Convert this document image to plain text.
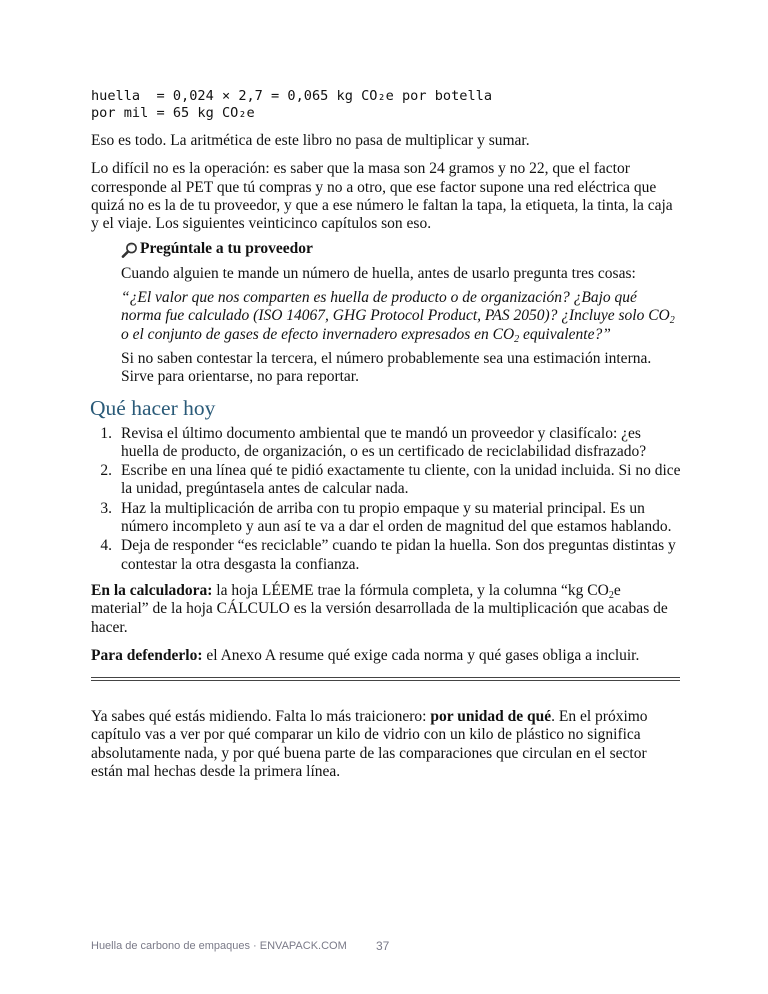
huella  = 0,024 × 2,7 = 0,065 kg CO₂e por botella
por mil = 65 kg CO₂e

Eso es todo. La aritmética de este libro no pasa de multiplicar y sumar.

Lo difícil no es la operación: es saber que la masa son 24 gramos y no 22, que el factor corresponde al PET que tú compras y no a otro, que ese factor supone una red eléctrica que quizá no es la de tu proveedor, y que a ese número le faltan la tapa, la etiqueta, la tinta, la caja y el viaje. Los siguientes veinticinco capítulos son eso.

Pregúntale a tu proveedor

Cuando alguien te mande un número de huella, antes de usarlo pregunta tres cosas:

“¿El valor que nos comparten es huella de producto o de organización? ¿Bajo qué norma fue calculado (ISO 14067, GHG Protocol Product, PAS 2050)? ¿Incluye solo $CO_2$ o el conjunto de gases de efecto invernadero expresados en $CO_2$ equivalente?”

Si no saben contestar la tercera, el número probablemente sea una estimación interna. Sirve para orientarse, no para reportar.

Qué hacer hoy
1. Revisa el último documento ambiental que te mandó un proveedor y clasifícalo: ¿es huella de producto, de organización, o es un certificado de reciclabilidad disfrazado?
2. Escribe en una línea qué te pidió exactamente tu cliente, con la unidad incluida. Si no dice la unidad, pregúntasela antes de calcular nada.
3. Haz la multiplicación de arriba con tu propio empaque y su material principal. Es un número incompleto y aun así te va a dar el orden de magnitud del que estamos hablando.
4. Deja de responder “es reciclable” cuando te pidan la huella. Son dos preguntas distintas y contestar la otra desgasta la confianza.

En la calculadora: la hoja LÉEME trae la fórmula completa, y la columna “kg $CO_2e$ material” de la hoja CÁLCULO es la versión desarrollada de la multiplicación que acabas de hacer.

Para defenderlo: el Anexo A resume qué exige cada norma y qué gases obliga a incluir.

Ya sabes qué estás midiendo. Falta lo más traicionero: por unidad de qué. En el próximo capítulo vas a ver por qué comparar un kilo de vidrio con un kilo de plástico no significa absolutamente nada, y por qué buena parte de las comparaciones que circulan en el sector están mal hechas desde la primera línea.

Huella de carbono de empaques · ENVAPACK.COM 37
